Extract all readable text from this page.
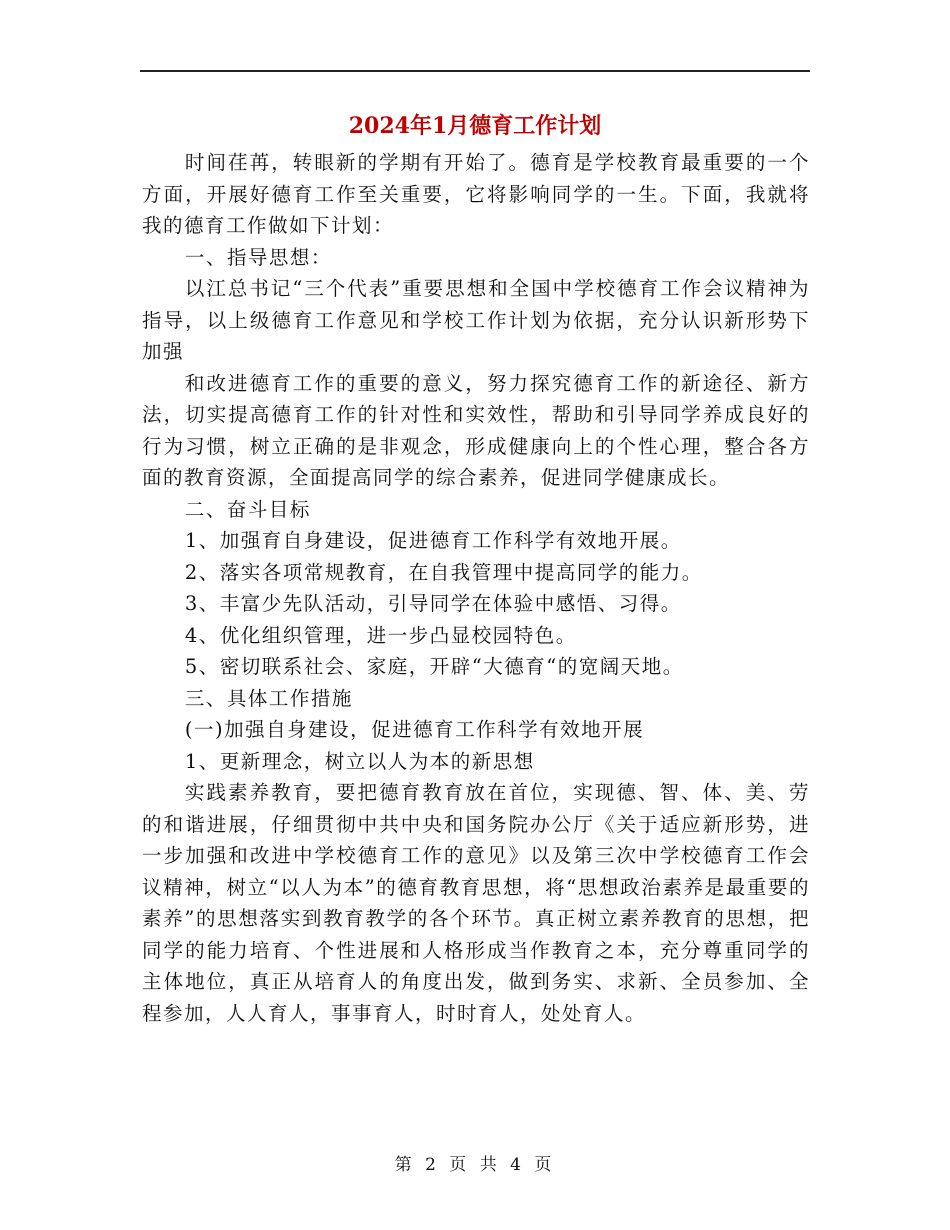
2024年1月德育工作计划

时间荏苒，转眼新的学期有开始了。德育是学校教育最重要的一个方面，开展好德育工作至关重要，它将影响同学的一生。下面，我就将我的德育工作做如下计划：

一、指导思想：

以江总书记“三个代表”重要思想和全国中学校德育工作会议精神为指导，以上级德育工作意见和学校工作计划为依据，充分认识新形势下加强

和改进德育工作的重要的意义，努力探究德育工作的新途径、新方法，切实提高德育工作的针对性和实效性，帮助和引导同学养成良好的行为习惯，树立正确的是非观念，形成健康向上的个性心理，整合各方面的教育资源，全面提高同学的综合素养，促进同学健康成长。

二、奋斗目标

1、加强育自身建设，促进德育工作科学有效地开展。

2、落实各项常规教育，在自我管理中提高同学的能力。

3、丰富少先队活动，引导同学在体验中感悟、习得。

4、优化组织管理，进一步凸显校园特色。

5、密切联系社会、家庭，开辟“大德育“的宽阔天地。

三、具体工作措施

(一)加强自身建设，促进德育工作科学有效地开展

1、更新理念，树立以人为本的新思想

实践素养教育，要把德育教育放在首位，实现德、智、体、美、劳的和谐进展，仔细贯彻中共中央和国务院办公厅《关于适应新形势，进一步加强和改进中学校德育工作的意见》以及第三次中学校德育工作会议精神，树立“以人为本”的德育教育思想，将“思想政治素养是最重要的素养”的思想落实到教育教学的各个环节。真正树立素养教育的思想，把同学的能力培育、个性进展和人格形成当作教育之本，充分尊重同学的主体地位，真正从培育人的角度出发，做到务实、求新、全员参加、全程参加，人人育人，事事育人，时时育人，处处育人。

第 2 页 共 4 页
